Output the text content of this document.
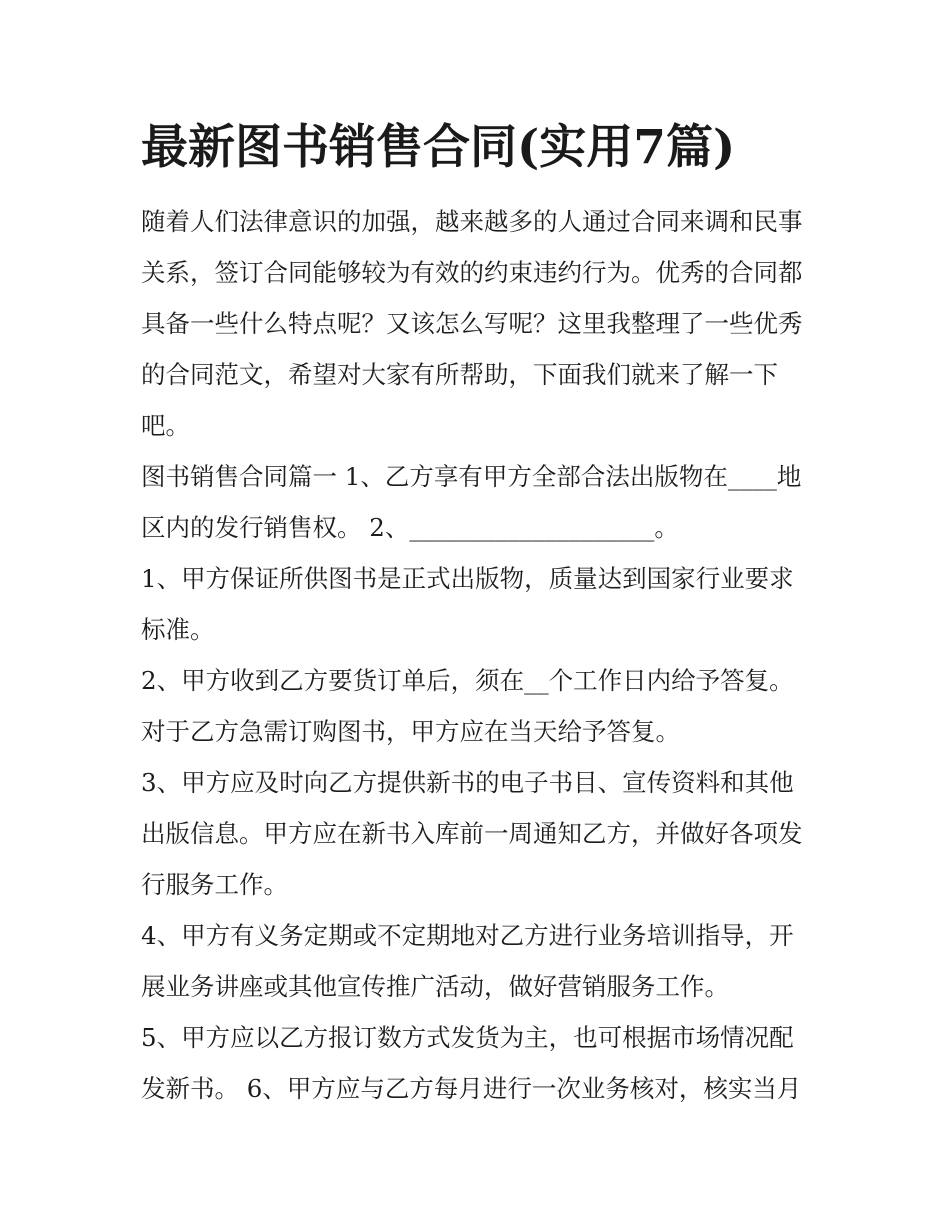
最新图书销售合同(实用7篇)

随着人们法律意识的加强，越来越多的人通过合同来调和民事关系，签订合同能够较为有效的约束违约行为。优秀的合同都具备一些什么特点呢？又该怎么写呢？这里我整理了一些优秀的合同范文，希望对大家有所帮助，下面我们就来了解一下吧。

图书销售合同篇一 1、乙方享有甲方全部合法出版物在____地区内的发行销售权。 2、____________________。

1、甲方保证所供图书是正式出版物，质量达到国家行业要求标准。

2、甲方收到乙方要货订单后，须在__个工作日内给予答复。对于乙方急需订购图书，甲方应在当天给予答复。

3、甲方应及时向乙方提供新书的电子书目、宣传资料和其他出版信息。甲方应在新书入库前一周通知乙方，并做好各项发行服务工作。

4、甲方有义务定期或不定期地对乙方进行业务培训指导，开展业务讲座或其他宣传推广活动，做好营销服务工作。

5、甲方应以乙方报订数方式发货为主，也可根据市场情况配发新书。 6、甲方应与乙方每月进行一次业务核对，核实当月
